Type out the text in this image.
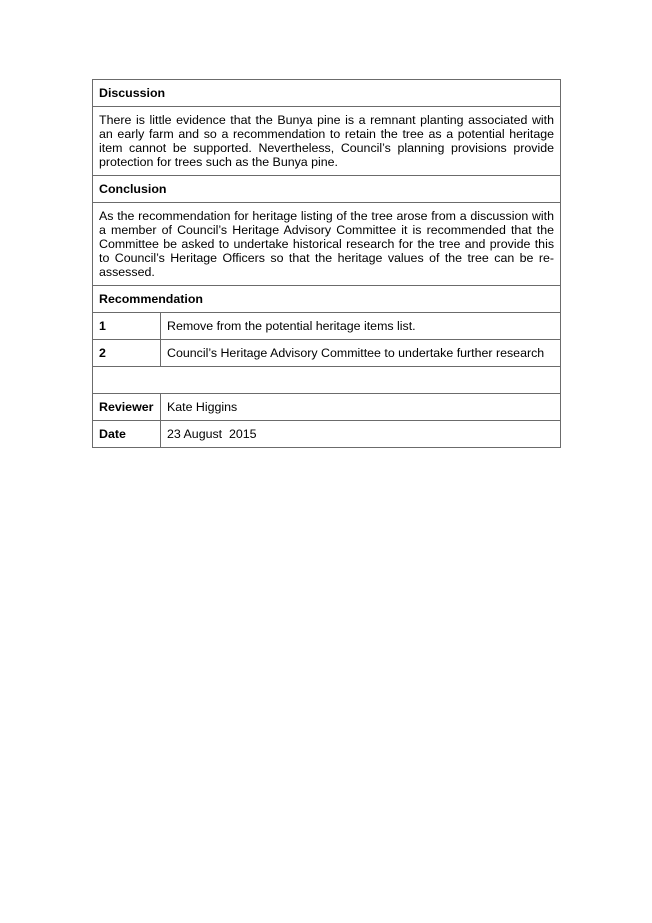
Discussion	
There is little evidence that the Bunya pine is a remnant planting associated with an early farm and so a recommendation to retain the tree as a potential heritage item cannot be supported. Nevertheless, Council’s planning provisions provide protection for trees such as the Bunya pine.	
Conclusion	
As the recommendation for heritage listing of the tree arose from a discussion with a member of Council’s Heritage Advisory Committee it is recommended that the Committee be asked to undertake historical research for the tree and provide this to Council’s Heritage Officers so that the heritage values of the tree can be re-assessed.	
Recommendation	
1	Remove from the potential heritage items list.
2	Council’s Heritage Advisory Committee to undertake further research

Reviewer	Kate Higgins
Date	23 August  2015
